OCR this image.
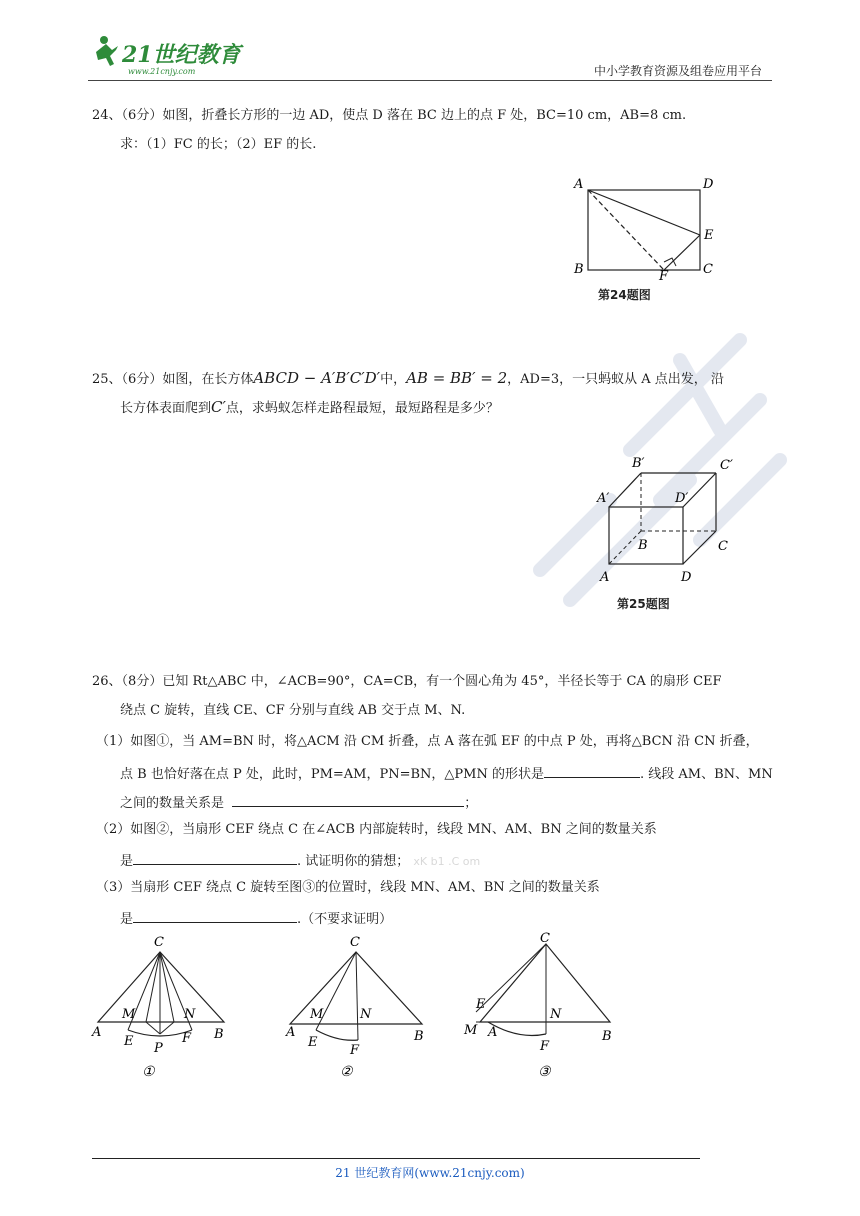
21世纪教育
www.21cnjy.com	中小学教育资源及组卷应用平台
24、（6分）如图，折叠长方形的一边 AD，使点 D 落在 BC 边上的点 F 处，BC=10 cm，AB=8 cm.
求：（1）FC 的长；（2）EF 的长.
A	D
E
B	F	C
第24题图
25、（6分）如图，在长方体ABCD − A′B′C′D′中，AB = BB′ = 2，AD=3，一只蚂蚁从 A 点出发， 沿
长方体表面爬到C′点，求蚂蚁怎样走路程最短，最短路程是多少？
B′	C′
A′	D′
B	C
A	D
第25题图
26、（8分）已知 Rt△ABC 中，∠ACB=90°，CA=CB，有一个圆心角为 45°，半径长等于 CA 的扇形 CEF
绕点 C 旋转，直线 CE、CF 分别与直线 AB 交于点 M、N.
（1）如图①，当 AM=BN 时，将△ACM 沿 CM 折叠，点 A 落在弧 EF 的中点 P 处，再将△BCN 沿 CN 折叠，
点 B 也恰好落在点 P 处，此时，PM=AM，PN=BN，△PMN 的形状是	. 线段 AM、BN、MN
之间的数量关系是	；
（2）如图②，当扇形 CEF 绕点 C 在∠ACB 内部旋转时，线段 MN、AM、BN 之间的数量关系
是	. 试证明你的猜想； xK b1 .C om
（3）当扇形 CEF 绕点 C 旋转至图③的位置时，线段 MN、AM、BN 之间的数量关系
是	.（不要求证明）
C
M	N
A	B
E	F
P
①
C
M	N
A	B
E
F
②
C
E
N
M A	B
F
③
21 世纪教育网(www.21cnjy.com)
